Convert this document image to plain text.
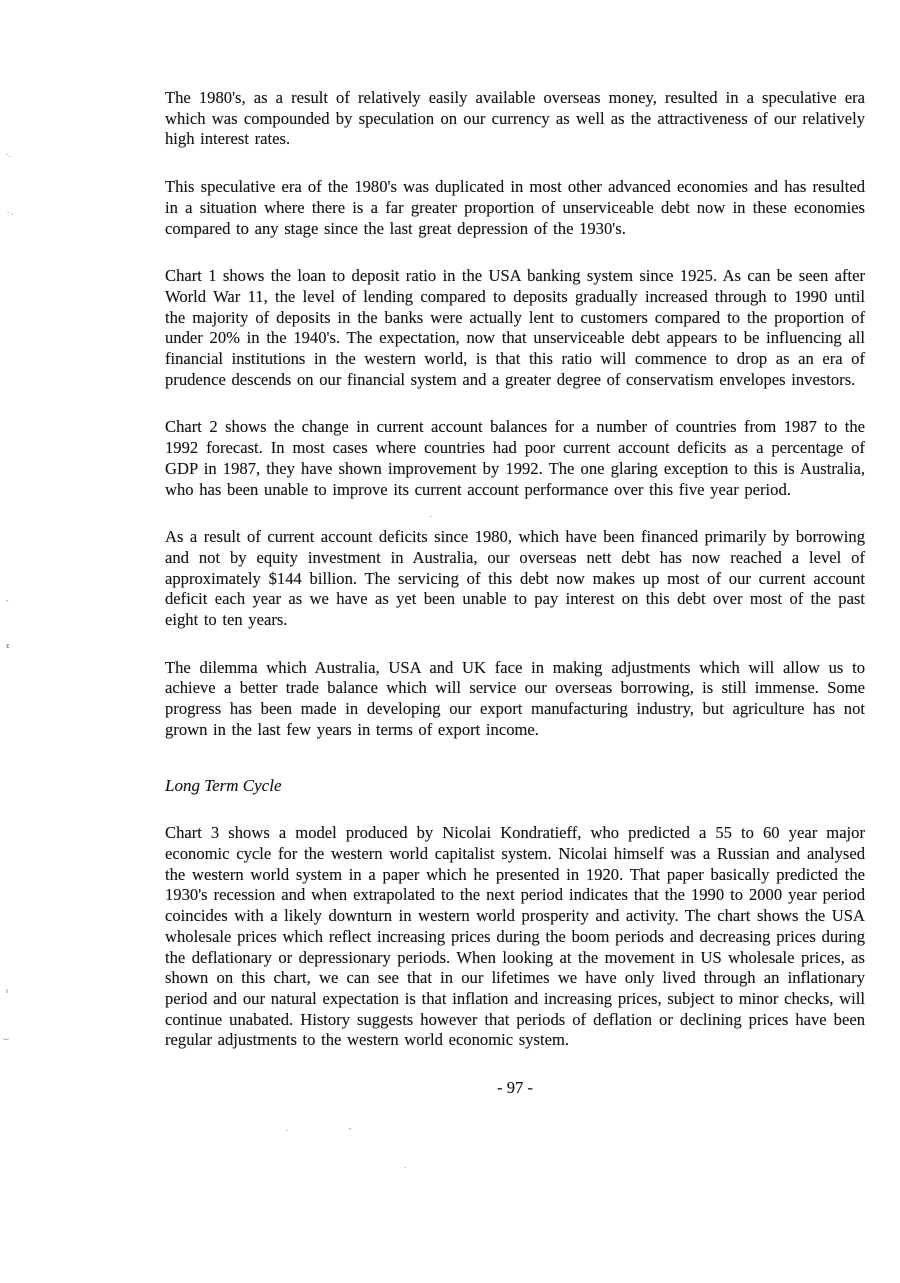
The 1980's, as a result of relatively easily available overseas money, resulted in a speculative era which was compounded by speculation on our currency as well as the attractiveness of our relatively high interest rates.

This speculative era of the 1980's was duplicated in most other advanced economies and has resulted in a situation where there is a far greater proportion of unserviceable debt now in these economies compared to any stage since the last great depression of the 1930's.

Chart 1 shows the loan to deposit ratio in the USA banking system since 1925. As can be seen after World War 11, the level of lending compared to deposits gradually increased through to 1990 until the majority of deposits in the banks were actually lent to customers compared to the proportion of under 20% in the 1940's. The expectation, now that unserviceable debt appears to be influencing all financial institutions in the western world, is that this ratio will commence to drop as an era of prudence descends on our financial system and a greater degree of conservatism envelopes investors.

Chart 2 shows the change in current account balances for a number of countries from 1987 to the 1992 forecast. In most cases where countries had poor current account deficits as a percentage of GDP in 1987, they have shown improvement by 1992. The one glaring exception to this is Australia, who has been unable to improve its current account performance over this five year period.

As a result of current account deficits since 1980, which have been financed primarily by borrowing and not by equity investment in Australia, our overseas nett debt has now reached a level of approximately $144 billion. The servicing of this debt now makes up most of our current account deficit each year as we have as yet been unable to pay interest on this debt over most of the past eight to ten years.

The dilemma which Australia, USA and UK face in making adjustments which will allow us to achieve a better trade balance which will service our overseas borrowing, is still immense. Some progress has been made in developing our export manufacturing industry, but agriculture has not grown in the last few years in terms of export income.

Long Term Cycle

Chart 3 shows a model produced by Nicolai Kondratieff, who predicted a 55 to 60 year major economic cycle for the western world capitalist system. Nicolai himself was a Russian and analysed the western world system in a paper which he presented in 1920. That paper basically predicted the 1930's recession and when extrapolated to the next period indicates that the 1990 to 2000 year period coincides with a likely downturn in western world prosperity and activity. The chart shows the USA wholesale prices which reflect increasing prices during the boom periods and decreasing prices during the deflationary or depressionary periods. When looking at the movement in US wholesale prices, as shown on this chart, we can see that in our lifetimes we have only lived through an inflationary period and our natural expectation is that inflation and increasing prices, subject to minor checks, will continue unabated. History suggests however that periods of deflation or declining prices have been regular adjustments to the western world economic system.

- 97 -
·.
· .
-
ε
ı
‿
·
·	-
·
